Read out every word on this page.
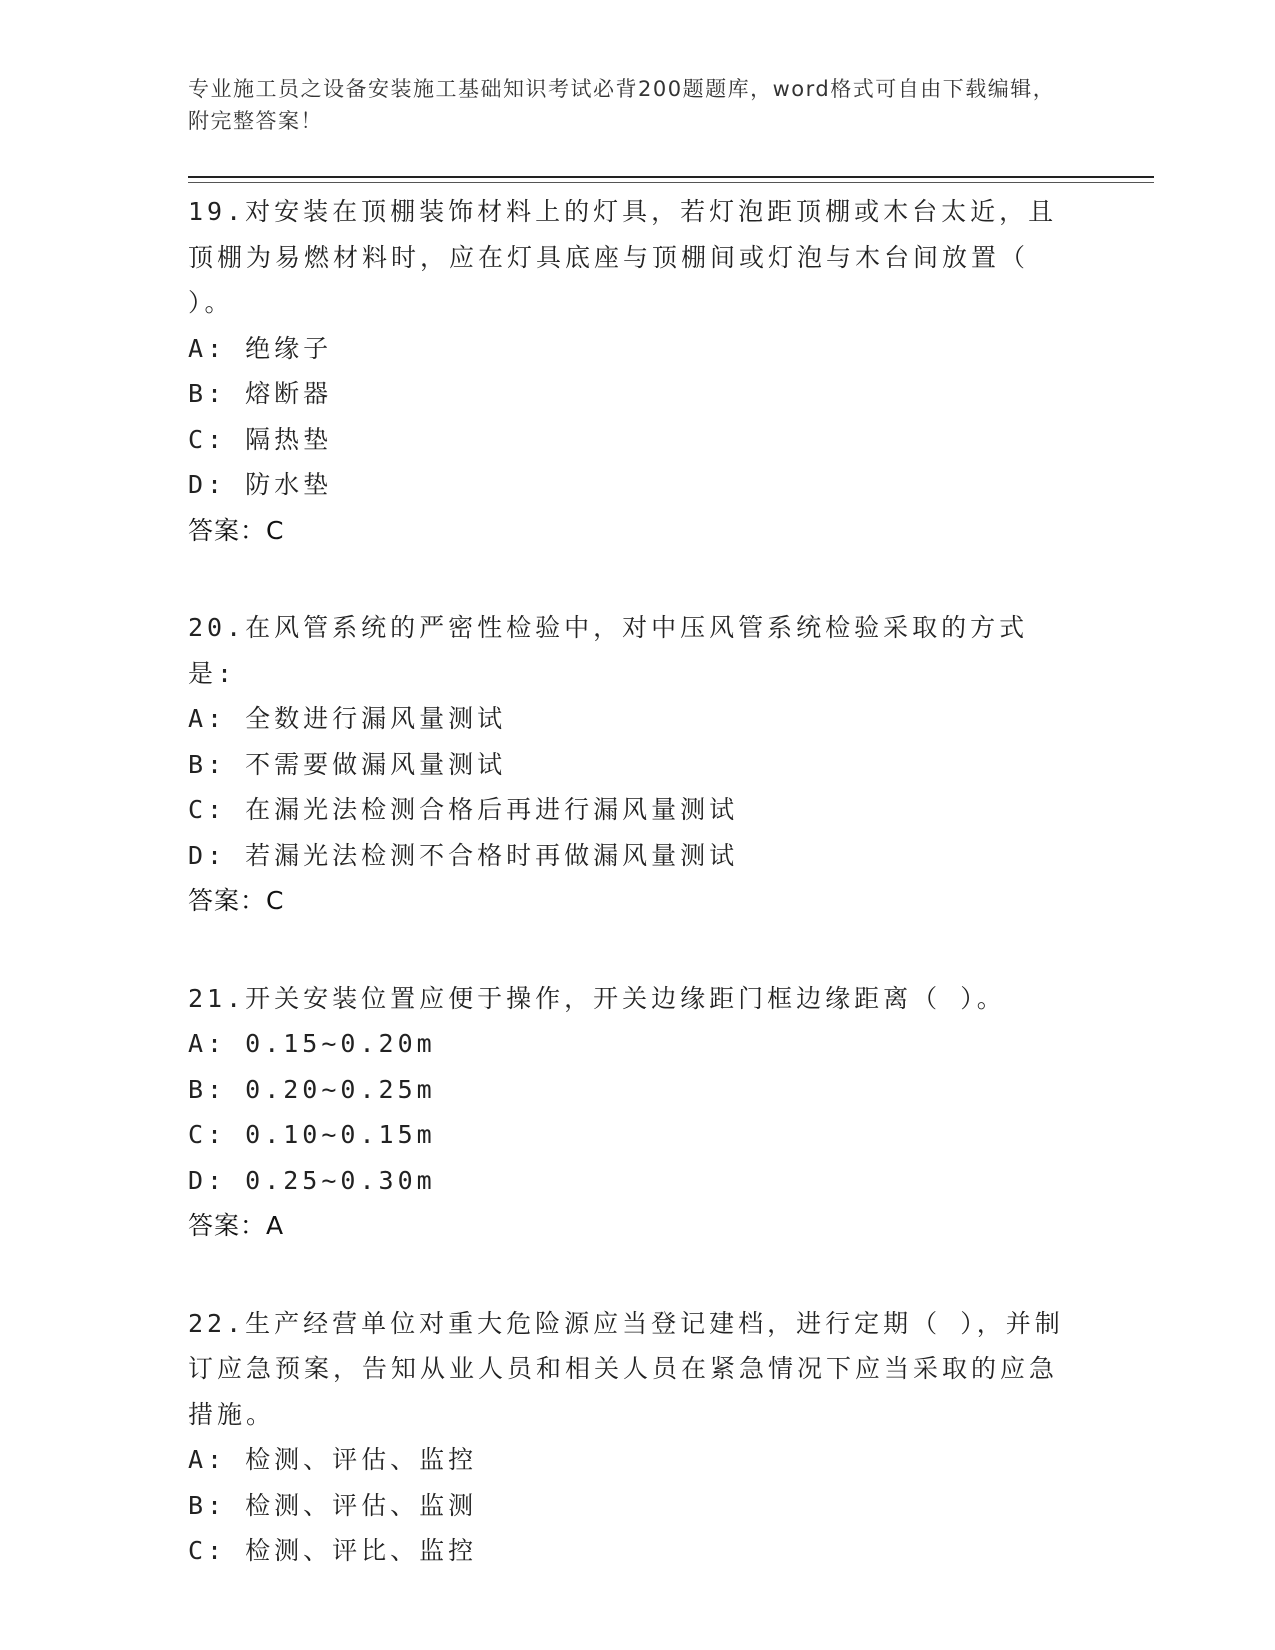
专业施工员之设备安装施工基础知识考试必背200题题库，word格式可自由下载编辑，附完整答案！
19.对安装在顶棚装饰材料上的灯具，若灯泡距顶棚或木台太近，且顶棚为易燃材料时，应在灯具底座与顶棚间或灯泡与木台间放置（ ）。
A: 绝缘子
B: 熔断器
C: 隔热垫
D: 防水垫
答案：C
20.在风管系统的严密性检验中，对中压风管系统检验采取的方式是:
A: 全数进行漏风量测试
B: 不需要做漏风量测试
C: 在漏光法检测合格后再进行漏风量测试
D: 若漏光法检测不合格时再做漏风量测试
答案：C
21.开关安装位置应便于操作，开关边缘距门框边缘距离（ ）。
A: 0.15~0.20m
B: 0.20~0.25m
C: 0.10~0.15m
D: 0.25~0.30m
答案：A
22.生产经营单位对重大危险源应当登记建档，进行定期（ ），并制订应急预案，告知从业人员和相关人员在紧急情况下应当采取的应急措施。
A: 检测、评估、监控
B: 检测、评估、监测
C: 检测、评比、监控
